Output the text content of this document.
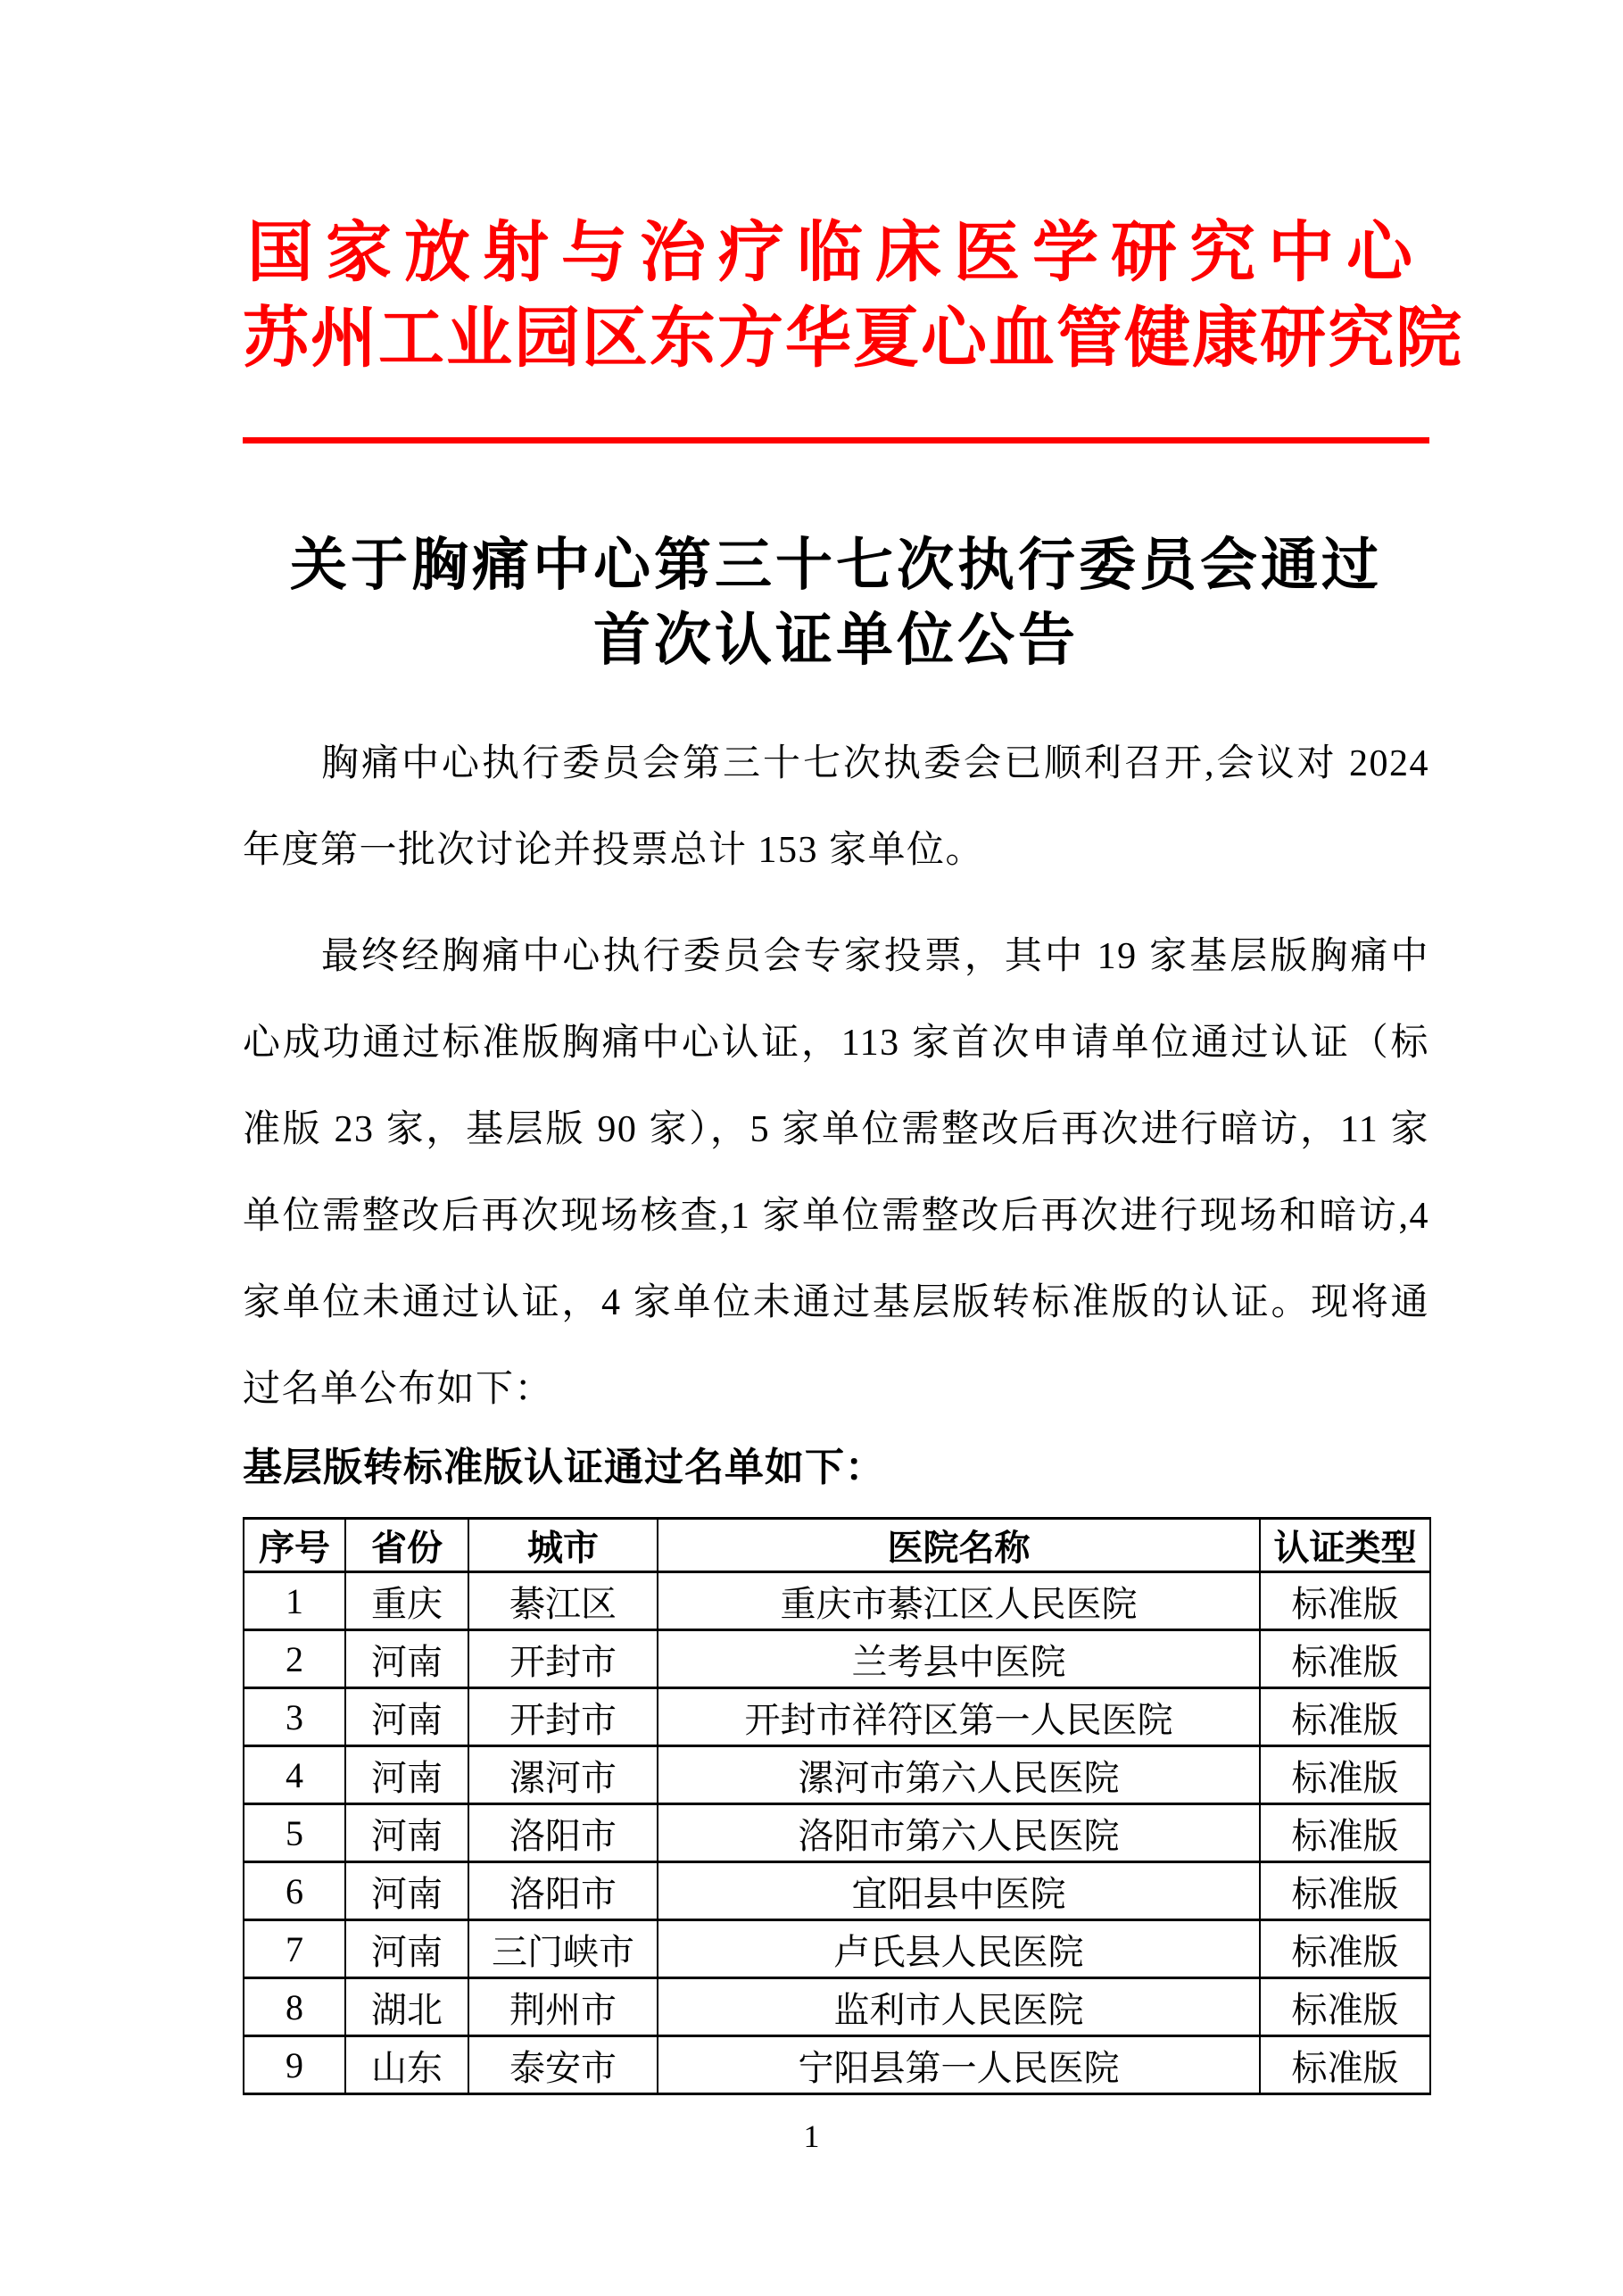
国家放射与治疗临床医学研究中心
苏州工业园区东方华夏心血管健康研究院
关于胸痛中心第三十七次执行委员会通过
首次认证单位公告

胸痛中心执行委员会第三十七次执委会已顺利召开,会议对 2024 年度第一批次讨论并投票总计 153 家单位。

最终经胸痛中心执行委员会专家投票，其中 19 家基层版胸痛中心成功通过标准版胸痛中心认证，113 家首次申请单位通过认证（标准版 23 家，基层版 90 家），5 家单位需整改后再次进行暗访，11 家单位需整改后再次现场核查,1 家单位需整改后再次进行现场和暗访,4 家单位未通过认证，4 家单位未通过基层版转标准版的认证。现将通过名单公布如下：

基层版转标准版认证通过名单如下：
序号	省份	城市	医院名称	认证类型
1	重庆	綦江区	重庆市綦江区人民医院	标准版
2	河南	开封市	兰考县中医院	标准版
3	河南	开封市	开封市祥符区第一人民医院	标准版
4	河南	漯河市	漯河市第六人民医院	标准版
5	河南	洛阳市	洛阳市第六人民医院	标准版
6	河南	洛阳市	宜阳县中医院	标准版
7	河南	三门峡市	卢氏县人民医院	标准版
8	湖北	荆州市	监利市人民医院	标准版
9	山东	泰安市	宁阳县第一人民医院	标准版
1
